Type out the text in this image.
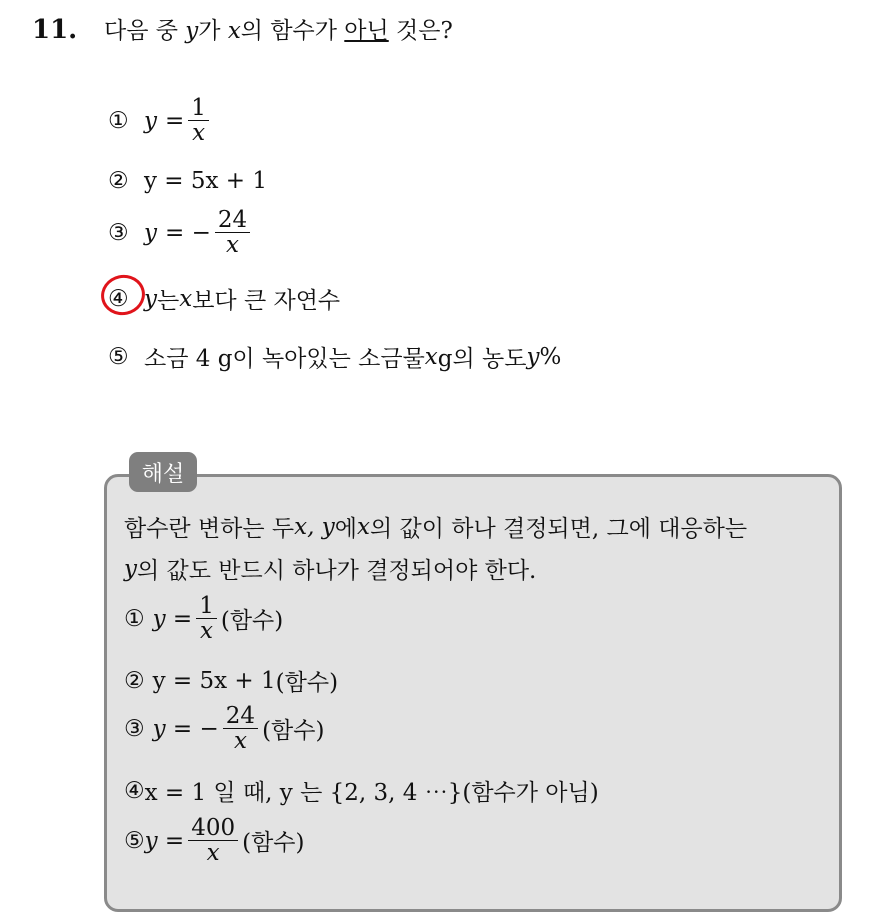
11.	다음 중 y가 x의 함수가 아닌 것은?
① $y = \frac{1}{x}$
② y = 5x + 1
③ y = − $\frac{24}{x}$
④ y 는 x 보다 큰 자연수
⑤ 소금 4 g이 녹아있는 소금물 x g의 농도 y %
해설
함수란 변하는 두 x, y 에 x 의 값이 하나 결정되면, 그에 대응하는
y 의 값도 반드시 하나가 결정되어야 한다.
① $y = \frac{1}{x}$ (함수)
② y = 5x + 1 (함수)
③ y = − $\frac{24}{x}$ (함수)
④ x = 1 일 때, y 는 {2, 3, 4 ⋯} (함수가 아님)
⑤ $y = \frac{400}{x}$ (함수)
